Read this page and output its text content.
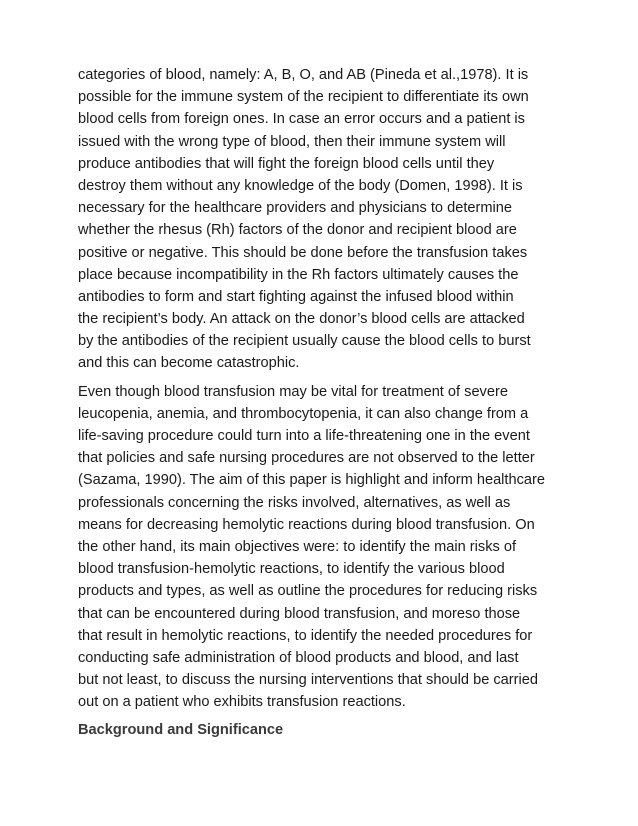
categories of blood, namely: A, B, O, and AB (Pineda et al.,1978). It is
possible for the immune system of the recipient to differentiate its own
blood cells from foreign ones. In case an error occurs and a patient is
issued with the wrong type of blood, then their immune system will
produce antibodies that will fight the foreign blood cells until they
destroy them without any knowledge of the body (Domen, 1998). It is
necessary for the healthcare providers and physicians to determine
whether the rhesus (Rh) factors of the donor and recipient blood are
positive or negative. This should be done before the transfusion takes
place because incompatibility in the Rh factors ultimately causes the
antibodies to form and start fighting against the infused blood within
the recipient’s body. An attack on the donor’s blood cells are attacked
by the antibodies of the recipient usually cause the blood cells to burst
and this can become catastrophic.
Even though blood transfusion may be vital for treatment of severe
leucopenia, anemia, and thrombocytopenia, it can also change from a
life-saving procedure could turn into a life-threatening one in the event
that policies and safe nursing procedures are not observed to the letter
(Sazama, 1990). The aim of this paper is highlight and inform healthcare
professionals concerning the risks involved, alternatives, as well as
means for decreasing hemolytic reactions during blood transfusion. On
the other hand, its main objectives were: to identify the main risks of
blood transfusion-hemolytic reactions, to identify the various blood
products and types, as well as outline the procedures for reducing risks
that can be encountered during blood transfusion, and moreso those
that result in hemolytic reactions, to identify the needed procedures for
conducting safe administration of blood products and blood, and last
but not least, to discuss the nursing interventions that should be carried
out on a patient who exhibits transfusion reactions.
Background and Significance
